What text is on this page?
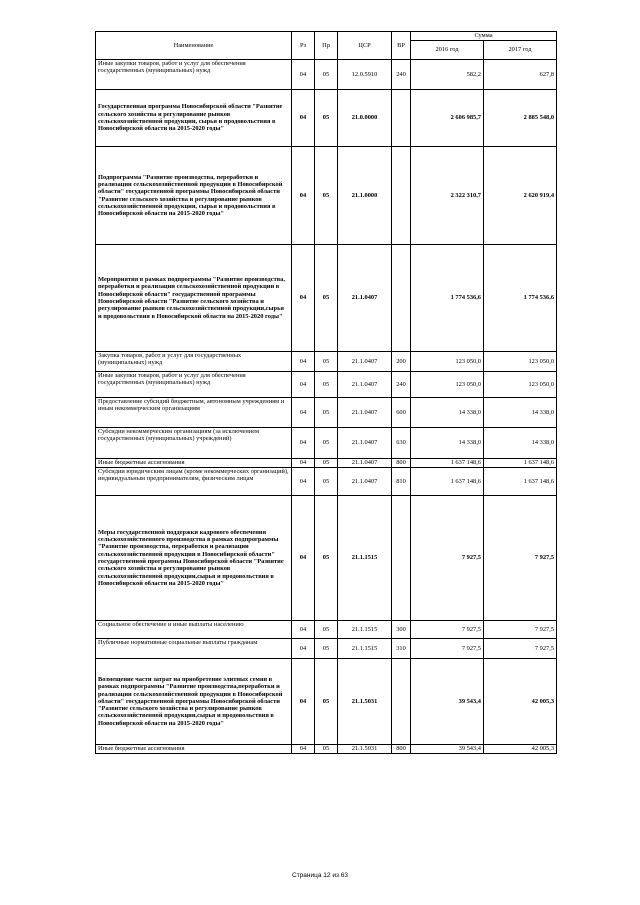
Наименование	Рз	Пр	ЦСР	ВР	Сумма	
					2016 год	2017 год
Иные закупки товаров, работ и услуг для обеспечения государственных (муниципальных) нужд	04	05	12.0.5910	240	582,2	627,8
Государственная программа Новосибирской области "Развитие сельского хозяйства и регулирование рынков сельскохозяйственной продукции, сырья и продовольствия в Новосибирской области на 2015-2020 годы"	04	05	21.0.0000		2 606 985,7	2 885 548,0
Подпрограмма "Развитие производства, переработки и реализации сельскохозяйственной продукции в Новосибирской области" государственной программы Новосибирской области "Развитие сельского хозяйства и регулирование рынков сельскохозяйственной продукции, сырья и продовольствия в Новосибирской области на 2015-2020 годы"	04	05	21.1.0000		2 322 310,7	2 620 919,4
Мероприятия в рамках подпрограммы "Развитие производства, переработки и реализации сельскохозяйственной продукции в Новосибирской области" государственной программы Новосибирской области "Развитие сельского хозяйства и регулирование рынков сельскохозяйственной продукции,сырья и продовольствия в Новосибирской области на 2015-2020 годы"	04	05	21.1.0407		1 774 536,6	1 774 536,6
Закупка товаров, работ и услуг для государственных (муниципальных) нужд	04	05	21.1.0407	200	123 050,0	123 050,0
Иные закупки товаров, работ и услуг для обеспечения государственных (муниципальных) нужд	04	05	21.1.0407	240	123 050,0	123 050,0
Предоставление субсидий бюджетным, автономным учреждениям и иным некоммерческим организациям	04	05	21.1.0407	600	14 338,0	14 338,0
Субсидии некоммерческим организациям (за исключением государственных (муниципальных) учреждений)	04	05	21.1.0407	630	14 338,0	14 338,0
Иные бюджетные ассигнования	04	05	21.1.0407	800	1 637 148,6	1 637 148,6
Субсидии юридическим лицам (кроме некоммерческих организаций), индивидуальным предпринимателям, физическим лицам	04	05	21.1.0407	810	1 637 148,6	1 637 148,6
Меры государственной поддержки кадрового обеспечения сельскохозяйственного производства в рамках подпрограммы "Развитие производства, переработки и реализации сельскохозяйственной продукции в Новосибирской области" государственной программы Новосибирской области "Развитие сельского хозяйства и регулирование рынков сельскохозяйственной продукции,сырья и продовольствия в Новосибирской области на 2015-2020 годы"	04	05	21.1.1515		7 927,5	7 927,5
Социальное обеспечение и иные выплаты населению	04	05	21.1.1515	300	7 927,5	7 927,5
Публичные нормативные социальные выплаты гражданам	04	05	21.1.1515	310	7 927,5	7 927,5
Возмещение части затрат на приобретение элитных семян в рамках подпрограммы "Развитие производства,переработки и реализации сельскохозяйственной продукции в Новосибирской области" государственной программы Новосибирской области "Развитие сельского хозяйства и регулирование рынков сельскохозяйственной продукции,сырья и продовольствия в Новосибирской области на 2015-2020 годы"	04	05	21.1.5031		39 543,4	42 005,3
Иные бюджетные ассигнования	04	05	21.1.5031	800	39 543,4	42 005,3
Страница 12 из 63
